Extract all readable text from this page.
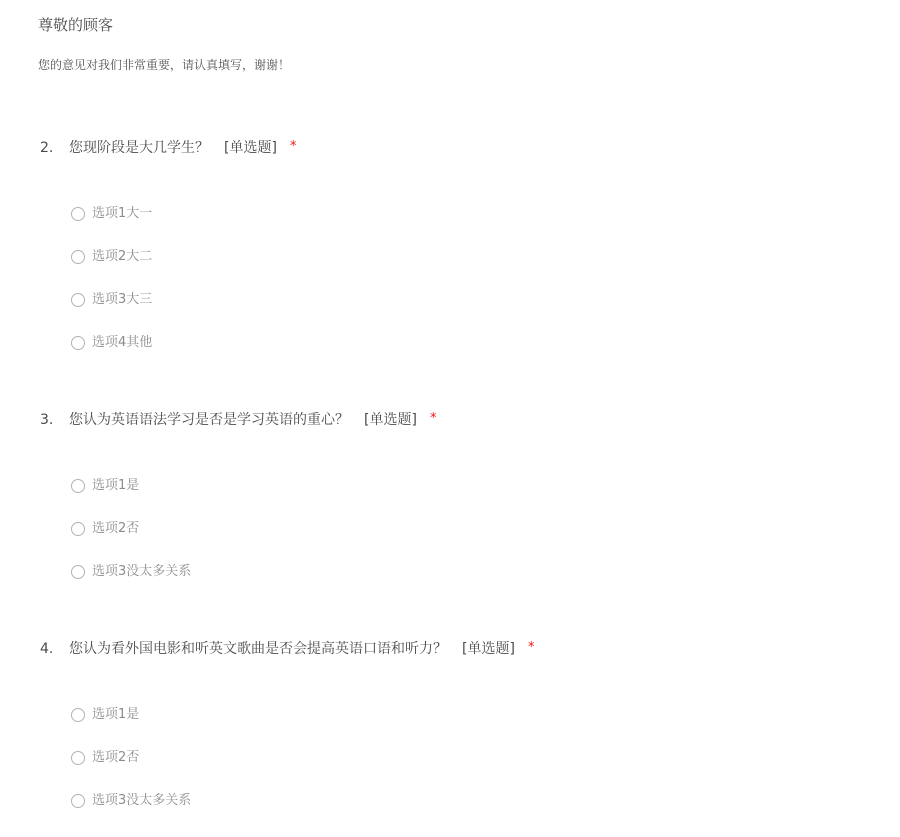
尊敬的顾客
您的意见对我们非常重要，请认真填写，谢谢！
2.	您现阶段是大几学生？ [单选题] *
选项1大一
选项2大二
选项3大三
选项4其他
3.	您认为英语语法学习是否是学习英语的重心？ [单选题] *
选项1是
选项2否
选项3没太多关系
4.	您认为看外国电影和听英文歌曲是否会提高英语口语和听力？ [单选题] *
选项1是
选项2否
选项3没太多关系
